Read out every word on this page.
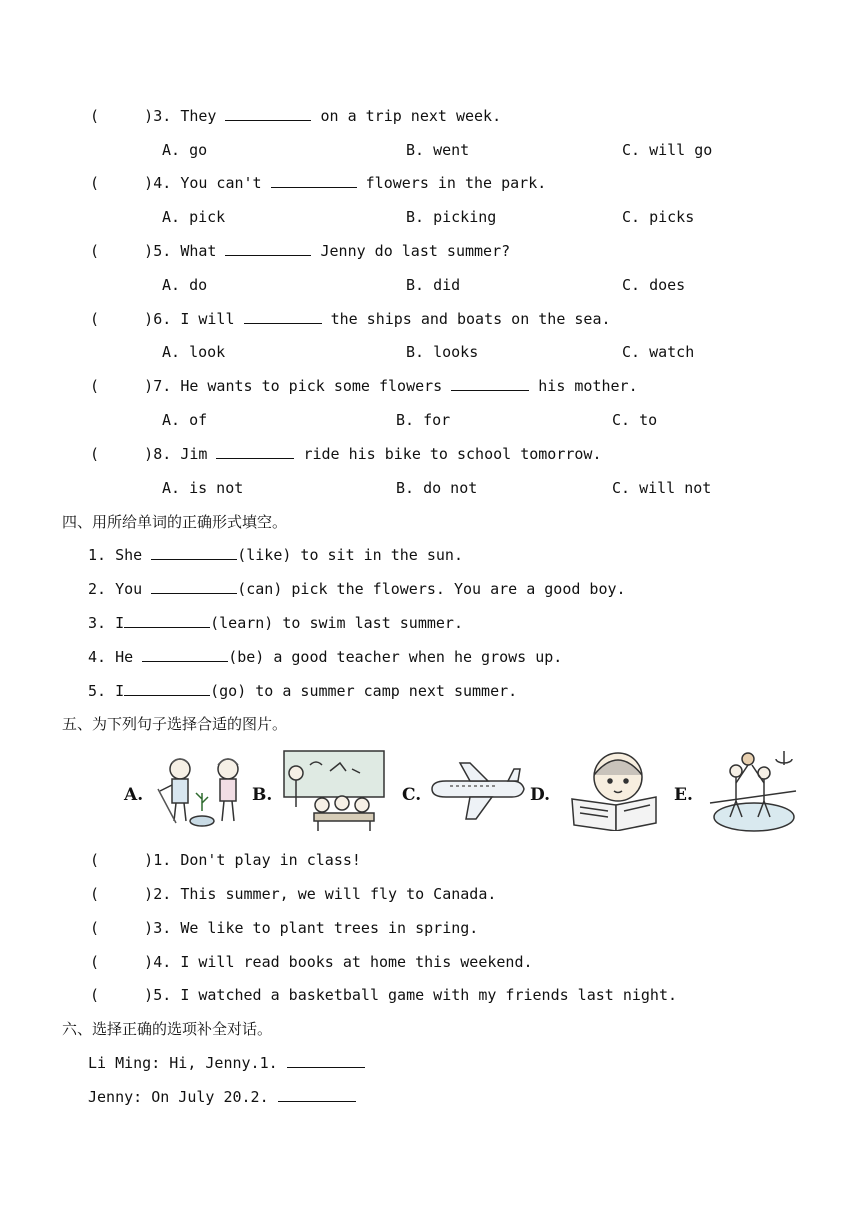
(     )3. They	on a trip next week.
A. go	B. went	C. will go
(     )4. You can't	flowers in the park.
A. pick	B. picking	C. picks
(     )5. What	Jenny do last summer?
A. do	B. did	C. does
(     )6. I will	the ships and boats on the sea.
A. look	B. looks	C. watch
(     )7. He wants to pick some flowers	his mother.
A. of	B. for	C. to
(     )8. Jim	ride his bike to school tomorrow.
A. is not	B. do not	C. will not
四、用所给单词的正确形式填空。
1. She	(like) to sit in the sun.
2. You	(can) pick the flowers. You are a good boy.
3. I	(learn) to swim last summer.
4. He	(be) a good teacher when he grows up.
5. I	(go) to a summer camp next summer.
五、为下列句子选择合适的图片。
A.	B.	C.	D.	E.
(     )1. Don't play in class!
(     )2. This summer, we will fly to Canada.
(     )3. We like to plant trees in spring.
(     )4. I will read books at home this weekend.
(     )5. I watched a basketball game with my friends last night.
六、选择正确的选项补全对话。
Li Ming: Hi, Jenny.1.
Jenny: On July 20.2.
